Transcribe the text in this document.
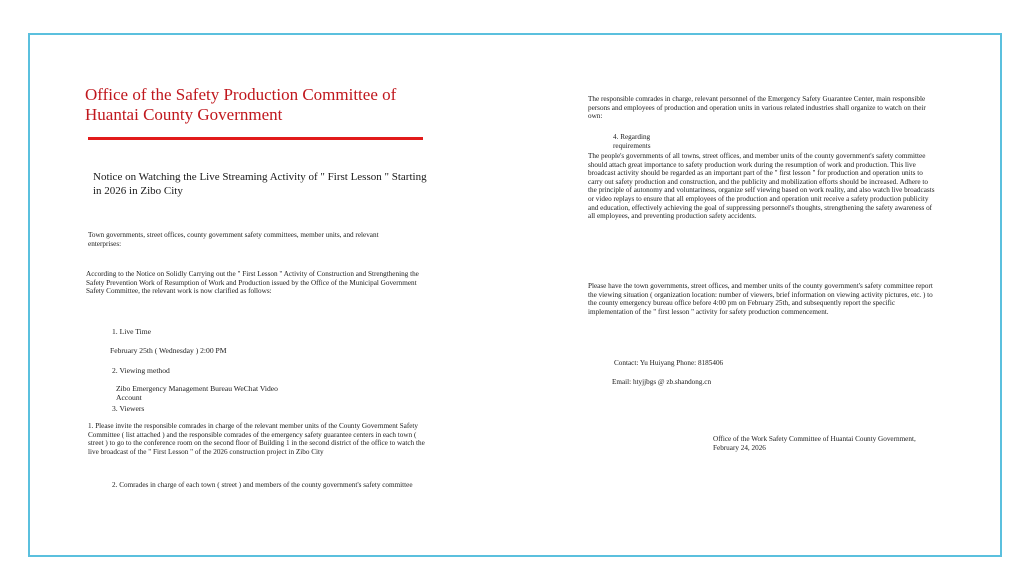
Office of the Safety Production Committee of Huantai County Government
Notice on Watching the Live Streaming Activity of " First Lesson " Starting in 2026 in Zibo City

Town governments, street offices, county government safety committees, member units, and relevant enterprises:

According to the Notice on Solidly Carrying out the " First Lesson " Activity of Construction and Strengthening the Safety Prevention Work of Resumption of Work and Production issued by the Office of the Municipal Government Safety Committee, the relevant work is now clarified as follows:

1. Live Time

February 25th ( Wednesday ) 2:00 PM

2. Viewing method

Zibo Emergency Management Bureau WeChat Video Account

3. Viewers

1. Please invite the responsible comrades in charge of the relevant member units of the County Government Safety Committee ( list attached ) and the responsible comrades of the emergency safety guarantee centers in each town ( street ) to go to the conference room on the second floor of Building 1 in the second district of the office to watch the live broadcast of the " First Lesson " of the 2026 construction project in Zibo City

2. Comrades in charge of each town ( street ) and members of the county government's safety committee

The responsible comrades in charge, relevant personnel of the Emergency Safety Guarantee Center, main responsible persons and employees of production and operation units in various related industries shall organize to watch on their own:

4. Regarding requirements

The people's governments of all towns, street offices, and member units of the county government's safety committee should attach great importance to safety production work during the resumption of work and production. This live broadcast activity should be regarded as an important part of the " first lesson " for production and operation units to carry out safety production and construction, and the publicity and mobilization efforts should be increased. Adhere to the principle of autonomy and voluntariness, organize self viewing based on work reality, and also watch live broadcasts or video replays to ensure that all employees of the production and operation unit receive a safety production publicity and education, effectively achieving the goal of suppressing personnel's thoughts, strengthening the safety awareness of all employees, and preventing production safety accidents.

Please have the town governments, street offices, and member units of the county government's safety committee report the viewing situation ( organization location: number of viewers, brief information on viewing activity pictures, etc. ) to the county emergency bureau office before 4:00 pm on February 25th, and subsequently report the specific implementation of the " first lesson " activity for safety production commencement.

Contact: Yu Huiyang Phone: 8185406

Email: htyjjbgs @ zb.shandong.cn

Office of the Work Safety Committee of Huantai County Government, February 24, 2026
